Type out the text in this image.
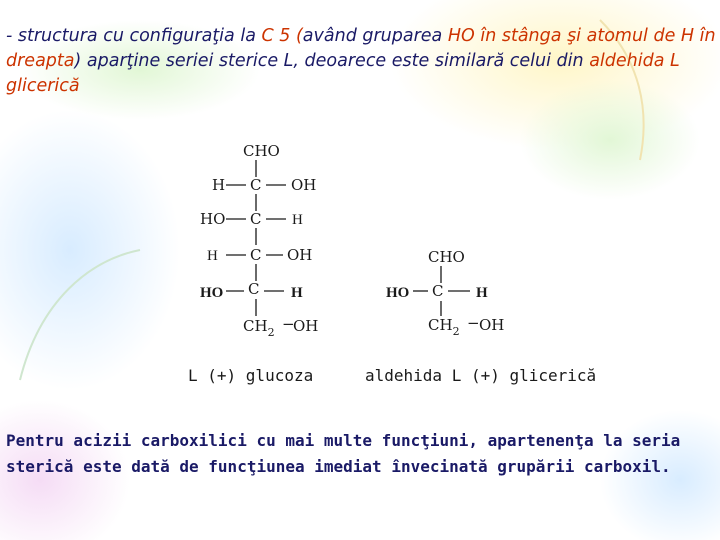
- structura cu configuraţia la C 5 (având gruparea HO în stânga şi atomul de H în dreapta) aparţine seriei sterice L, deoarece este similară celui din aldehida L glicerică

CHO
H C OH
HO C H
H C OH
HO C H
$CH_2$ −
OH
CHO
HO C H
$CH_2$ − OH

L (+) glucoza	aldehida L (+) glicerică

Pentru acizii carboxilici cu mai multe funcţiuni, apartenenţa la seria sterică este dată de funcţiunea imediat învecinată grupării carboxil.
